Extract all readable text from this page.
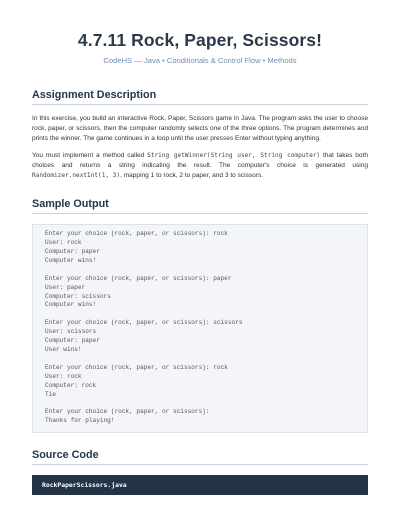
4.7.11 Rock, Paper, Scissors!
CodeHS — Java • Conditionals & Control Flow • Methods
Assignment Description

In this exercise, you build an interactive Rock, Paper, Scissors game in Java. The program asks the user to choose rock, paper, or scissors, then the computer randomly selects one of the three options. The program determines and prints the winner. The game continues in a loop until the user presses Enter without typing anything.

You must implement a method called String getWinner(String user, String computer) that takes both choices and returns a string indicating the result. The computer's choice is generated using Randomizer.nextInt(1, 3), mapping 1 to rock, 2 to paper, and 3 to scissors.

Sample Output
Enter your choice (rock, paper, or scissors): rock
User: rock
Computer: paper
Computer wins!

Enter your choice (rock, paper, or scissors): paper
User: paper
Computer: scissors
Computer wins!

Enter your choice (rock, paper, or scissors): scissors
User: scissors
Computer: paper
User wins!

Enter your choice (rock, paper, or scissors): rock
User: rock
Computer: rock
Tie

Enter your choice (rock, paper, or scissors):
Thanks for playing!
Source Code
RockPaperScissors.java
